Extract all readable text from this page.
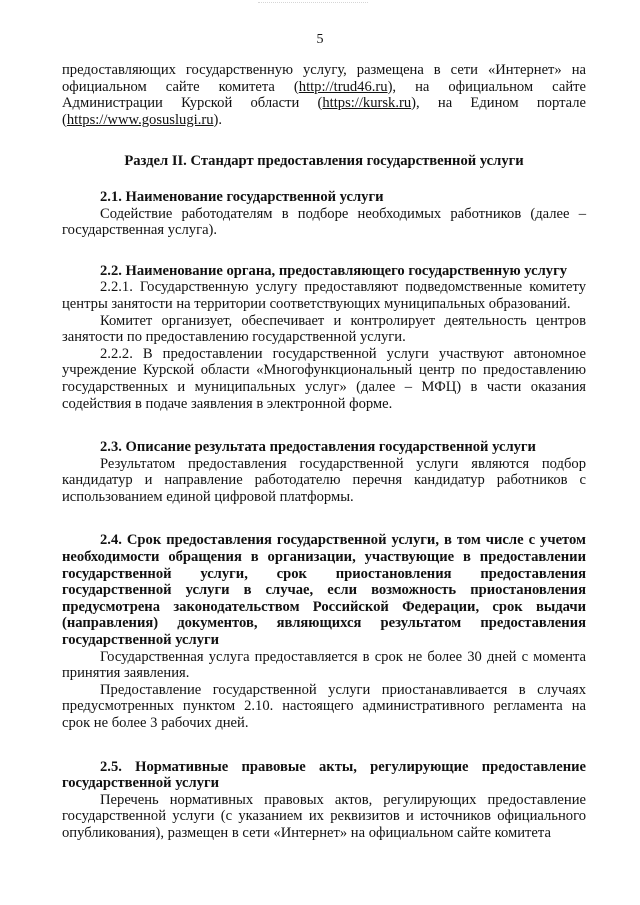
5

предоставляющих государственную услугу, размещена в сети «Интернет» на официальном сайте комитета (http://trud46.ru), на официальном сайте Администрации Курской области (https://kursk.ru), на Едином портале (https://www.gosuslugi.ru).

Раздел II. Стандарт предоставления государственной услуги

2.1. Наименование государственной услуги

Содействие работодателям в подборе необходимых работников (далее – государственная услуга).

2.2. Наименование органа, предоставляющего государственную услугу

2.2.1. Государственную услугу предоставляют подведомственные комитету центры занятости на территории соответствующих муниципальных образований.

Комитет организует, обеспечивает и контролирует деятельность центров занятости по предоставлению государственной услуги.

2.2.2. В предоставлении государственной услуги участвуют автономное учреждение Курской области «Многофункциональный центр по предоставлению государственных и муниципальных услуг» (далее – МФЦ) в части оказания содействия в подаче заявления в электронной форме.

2.3. Описание результата предоставления государственной услуги

Результатом предоставления государственной услуги являются подбор кандидатур и направление работодателю перечня кандидатур работников с использованием единой цифровой платформы.

2.4. Срок предоставления государственной услуги, в том числе с учетом необходимости обращения в организации, участвующие в предоставлении государственной услуги, срок приостановления предоставления государственной услуги в случае, если возможность приостановления предусмотрена законодательством Российской Федерации, срок выдачи (направления) документов, являющихся результатом предоставления государственной услуги

Государственная услуга предоставляется в срок не более 30 дней с момента принятия заявления.

Предоставление государственной услуги приостанавливается в случаях предусмотренных пунктом 2.10. настоящего административного регламента на срок не более 3 рабочих дней.

2.5. Нормативные правовые акты, регулирующие предоставление государственной услуги

Перечень нормативных правовых актов, регулирующих предоставление государственной услуги (с указанием их реквизитов и источников официального опубликования), размещен в сети «Интернет» на официальном сайте комитета
